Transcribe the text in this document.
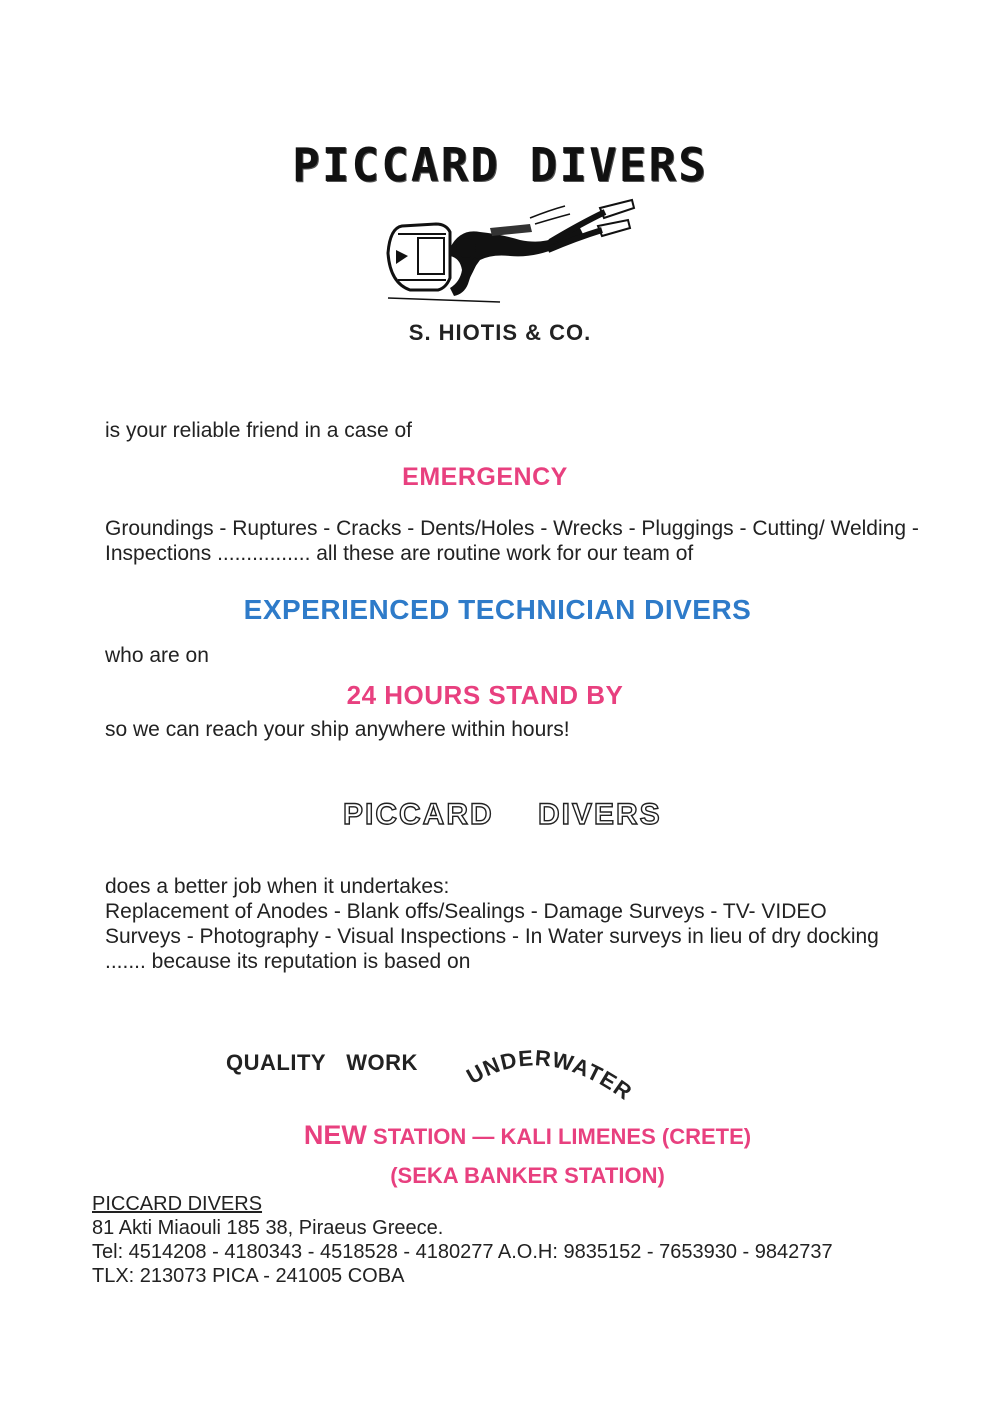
PICCARD DIVERS

S. HIOTIS & CO.

is your reliable friend in a case of

EMERGENCY

Groundings - Ruptures - Cracks - Dents/Holes - Wrecks - Pluggings - Cutting/ Welding - Inspections ................ all these are routine work for our team of

EXPERIENCED TECHNICIAN DIVERS

who are on

24 HOURS STAND BY

so we can reach your ship anywhere within hours!

PICCARD DIVERS
does a better job when it undertakes:
Replacement of Anodes - Blank offs/Sealings - Damage Surveys - TV- VIDEO Surveys - Photography - Visual Inspections - In Water surveys in lieu of dry docking ....... because its reputation is based on
QUALITY WORK UNDERWATER

NEW STATION — KALI LIMENES (CRETE)

(SEKA BANKER STATION)

PICCARD DIVERS
81 Akti Miaouli 185 38, Piraeus Greece.
Tel: 4514208 - 4180343 - 4518528 - 4180277 A.O.H: 9835152 - 7653930 - 9842737
TLX: 213073 PICA - 241005 COBA
